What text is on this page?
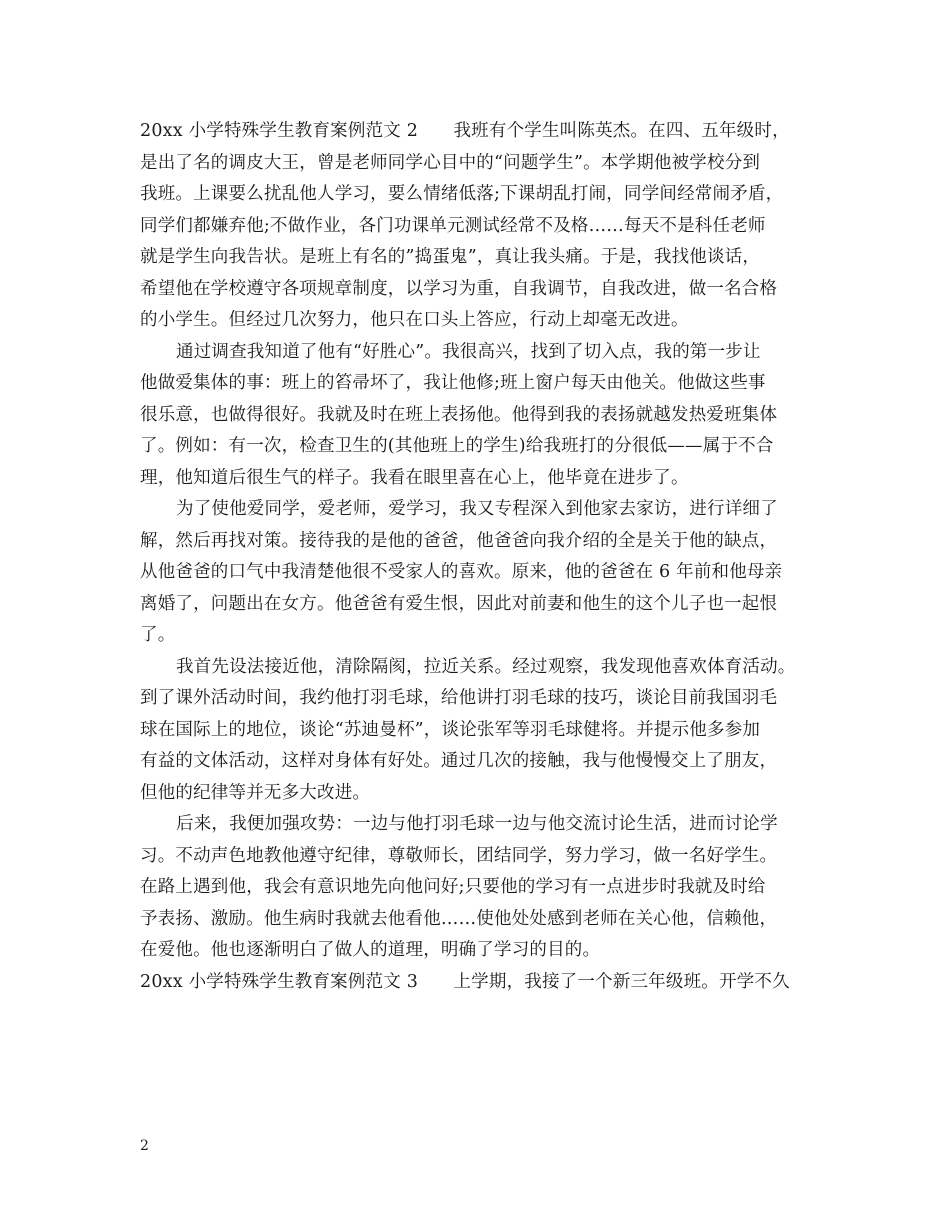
20xx 小学特殊学生教育案例范文 2　　我班有个学生叫陈英杰。在四、五年级时，
是出了名的调皮大王，曾是老师同学心目中的“问题学生”。本学期他被学校分到
我班。上课要么扰乱他人学习，要么情绪低落;下课胡乱打闹，同学间经常闹矛盾，
同学们都嫌弃他;不做作业，各门功课单元测试经常不及格……每天不是科任老师
就是学生向我告状。是班上有名的”捣蛋鬼”，真让我头痛。于是，我找他谈话，
希望他在学校遵守各项规章制度，以学习为重，自我调节，自我改进，做一名合格
的小学生。但经过几次努力，他只在口头上答应，行动上却毫无改进。
通过调查我知道了他有“好胜心”。我很高兴，找到了切入点，我的第一步让
他做爱集体的事：班上的笞帚坏了，我让他修;班上窗户每天由他关。他做这些事
很乐意，也做得很好。我就及时在班上表扬他。他得到我的表扬就越发热爱班集体
了。例如：有一次，检查卫生的(其他班上的学生)给我班打的分很低——属于不合
理，他知道后很生气的样子。我看在眼里喜在心上，他毕竟在进步了。
为了使他爱同学，爱老师，爱学习，我又专程深入到他家去家访，进行详细了
解，然后再找对策。接待我的是他的爸爸，他爸爸向我介绍的全是关于他的缺点，
从他爸爸的口气中我清楚他很不受家人的喜欢。原来，他的爸爸在 6 年前和他母亲
离婚了，问题出在女方。他爸爸有爱生恨，因此对前妻和他生的这个儿子也一起恨
了。
我首先设法接近他，清除隔阂，拉近关系。经过观察，我发现他喜欢体育活动。
到了课外活动时间，我约他打羽毛球，给他讲打羽毛球的技巧，谈论目前我国羽毛
球在国际上的地位，谈论“苏迪曼杯”，谈论张军等羽毛球健将。并提示他多参加
有益的文体活动，这样对身体有好处。通过几次的接触，我与他慢慢交上了朋友，
但他的纪律等并无多大改进。
后来，我便加强攻势：一边与他打羽毛球一边与他交流讨论生活，进而讨论学
习。不动声色地教他遵守纪律，尊敬师长，团结同学，努力学习，做一名好学生。
在路上遇到他，我会有意识地先向他问好;只要他的学习有一点进步时我就及时给
予表扬、激励。他生病时我就去他看他……使他处处感到老师在关心他，信赖他，
在爱他。他也逐渐明白了做人的道理，明确了学习的目的。
20xx 小学特殊学生教育案例范文 3　　上学期，我接了一个新三年级班。开学不久
2
